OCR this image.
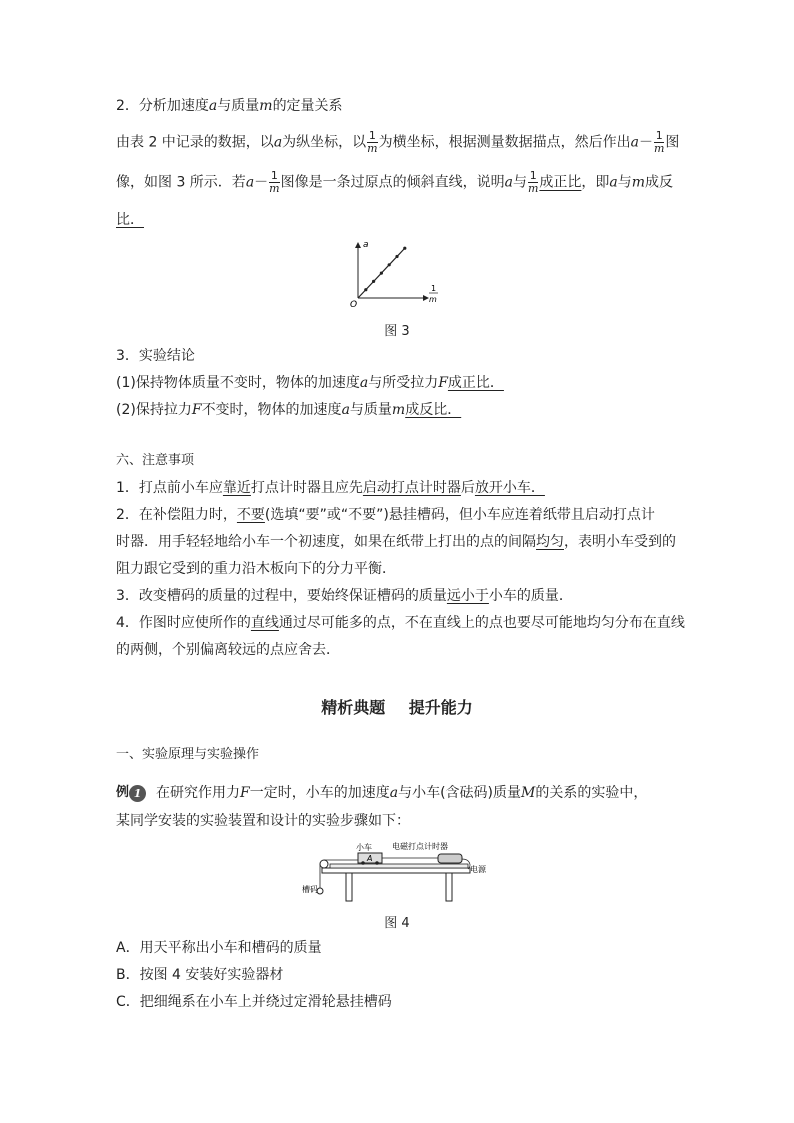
2．分析加速度a与质量m的定量关系
由表 2 中记录的数据，以a为纵坐标，以 $\frac{1}{m}$ 为横坐标，根据测量数据描点，然后作出$a- \frac{1}{m}$ 图
像，如图 3 所示．若$a- \frac{1}{m}$ 图像是一条过原点的倾斜直线，说明a与 $\frac{1}{m}$ 成正比，即a与m成反
比．
a
1
m
O
图 3
3．实验结论
(1)保持物体质量不变时，物体的加速度a与所受拉力F成正比．
(2)保持拉力F不变时，物体的加速度a与质量m成反比．
六、注意事项
1．打点前小车应靠近打点计时器且应先启动打点计时器后放开小车．
2．在补偿阻力时，不要(选填“要”或“不要”)悬挂槽码，但小车应连着纸带且启动打点计
时器．用手轻轻地给小车一个初速度，如果在纸带上打出的点的间隔均匀，表明小车受到的
阻力跟它受到的重力沿木板向下的分力平衡．
3．改变槽码的质量的过程中，要始终保证槽码的质量远小于小车的质量．
4．作图时应使所作的直线通过尽可能多的点，不在直线上的点也要尽可能地均匀分布在直线
的两侧，个别偏离较远的点应舍去．
精析典题 提升能力
一、实验原理与实验操作
例 1 在研究作用力F一定时，小车的加速度a与小车(含砝码)质量M的关系的实验中，
某同学安装的实验装置和设计的实验步骤如下：
小车
A
电磁打点计时器
电源
槽码
图 4
A．用天平称出小车和槽码的质量
B．按图 4 安装好实验器材
C．把细绳系在小车上并绕过定滑轮悬挂槽码
